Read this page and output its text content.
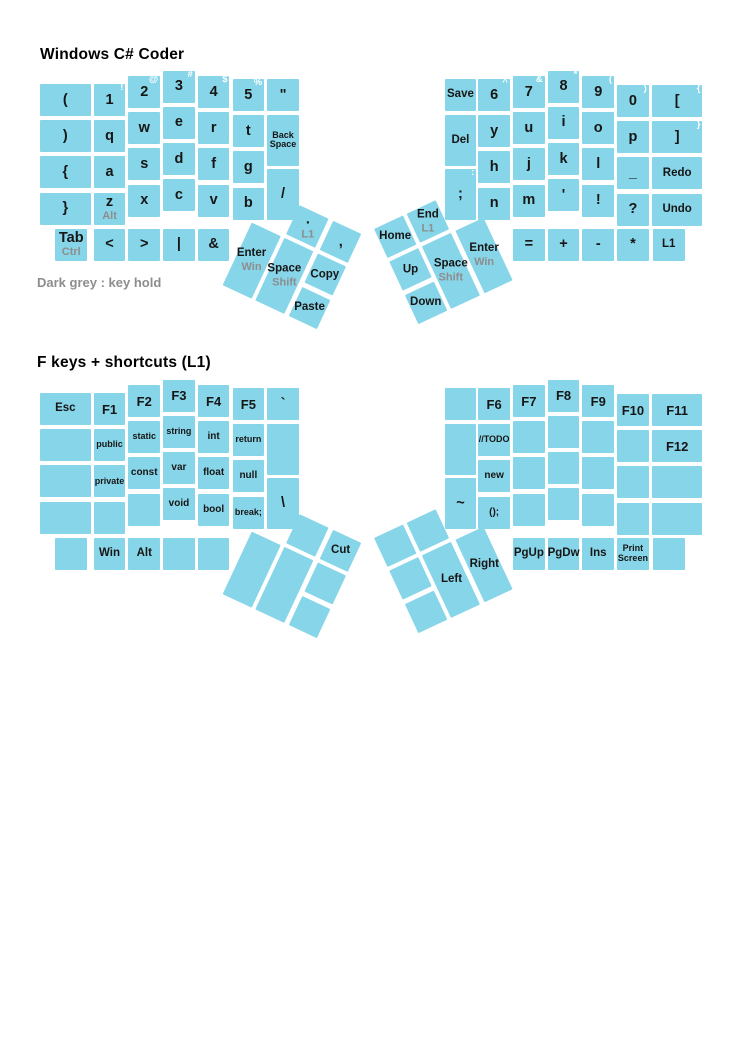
Windows C# Coder
(
)
{
}
1
!
q
a
z
Alt
2
@
w
s
x
3
#
e
d
c
4
$
r
f
v
5
%
t
g
b
"
Back Space
/
Tab
Ctrl < > | &
.
L1 ,
Enter
Win Space
Shift
Copy
Paste
[
{
]
}
Redo
Undo
6
^
y
h
n
7
&
u
j
m
8
*
i
k
'
9
(
o
l
!
0
)
p
_
?
Save
Del
;
:
= + - * L1
Home
End
L1
Up
Down
Space
Shift
Enter
Win
Dark grey : key hold
F keys + shortcuts (L1)
Esc F1
public
private
F2
static
const
F3
string
var
void
F4
int
float
bool
F5
return
null
break;
`
\
Win Alt	Cut
F11
F12
F6
//TODO
new
();
F7 F8 F9
F10
~
PgUp PgDw Ins	Print Screen
Left
Right
